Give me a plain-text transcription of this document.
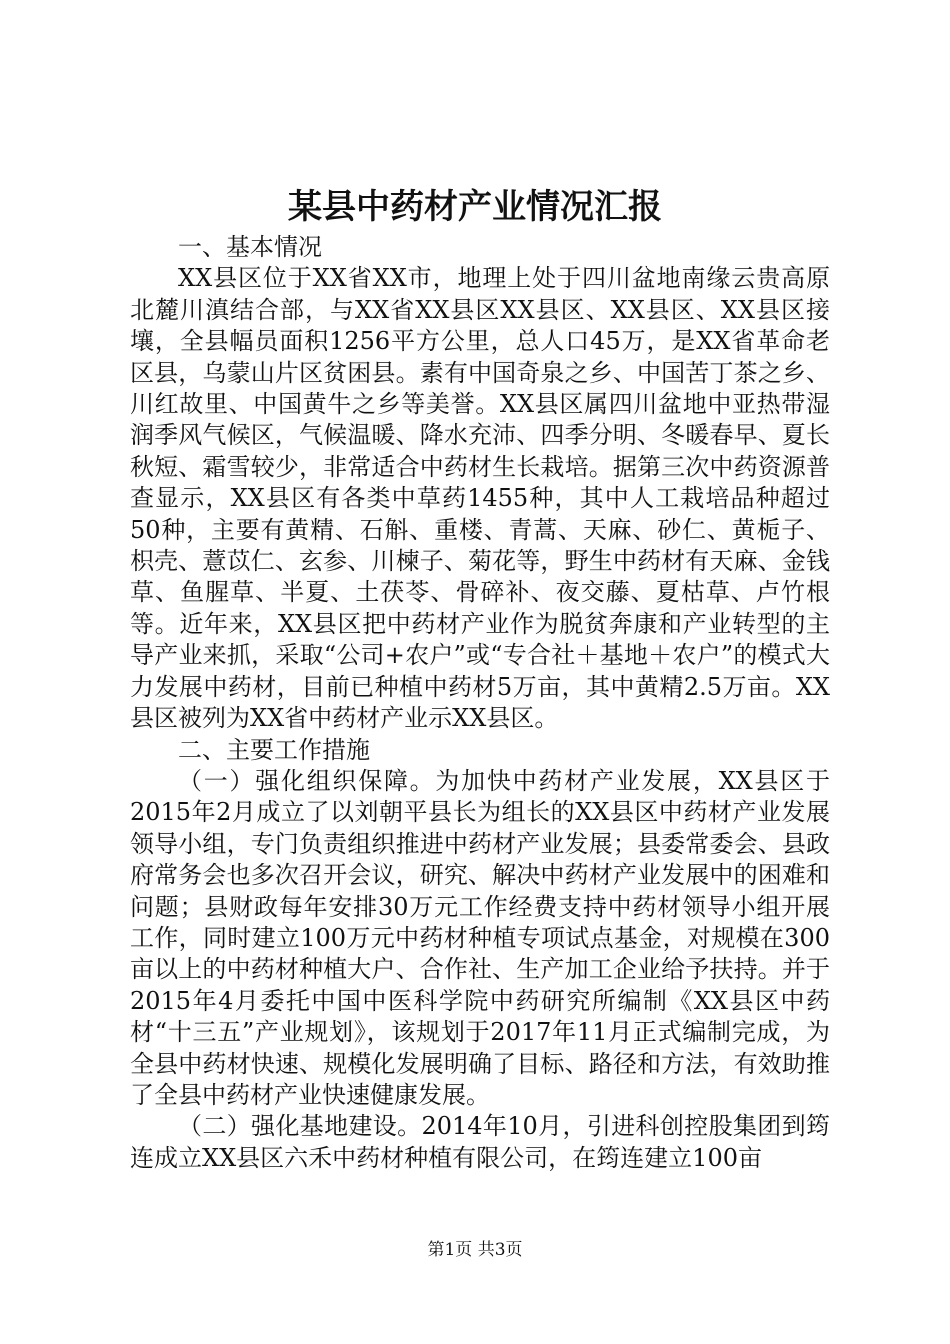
某县中药材产业情况汇报

一、基本情况

XX县区位于XX省XX市，地理上处于四川盆地南缘云贵高原北麓川滇结合部，与XX省XX县区XX县区、XX县区、XX县区接壤，全县幅员面积1256平方公里，总人口45万，是XX省革命老区县，乌蒙山片区贫困县。素有中国奇泉之乡、中国苦丁茶之乡、川红故里、中国黄牛之乡等美誉。XX县区属四川盆地中亚热带湿润季风气候区，气候温暖、降水充沛、四季分明、冬暖春早、夏长秋短、霜雪较少，非常适合中药材生长栽培。据第三次中药资源普查显示，XX县区有各类中草药1455种，其中人工栽培品种超过50种，主要有黄精、石斛、重楼、青蒿、天麻、砂仁、黄栀子、枳壳、薏苡仁、玄参、川楝子、菊花等，野生中药材有天麻、金钱草、鱼腥草、半夏、土茯苓、骨碎补、夜交藤、夏枯草、卢竹根等。近年来，XX县区把中药材产业作为脱贫奔康和产业转型的主导产业来抓，采取“公司+农户”或“专合社＋基地＋农户”的模式大力发展中药材，目前已种植中药材5万亩，其中黄精2.5万亩。XX县区被列为XX省中药材产业示XX县区。

二、主要工作措施

（一）强化组织保障。为加快中药材产业发展，XX县区于2015年2月成立了以刘朝平县长为组长的XX县区中药材产业发展领导小组，专门负责组织推进中药材产业发展；县委常委会、县政府常务会也多次召开会议，研究、解决中药材产业发展中的困难和问题；县财政每年安排30万元工作经费支持中药材领导小组开展工作，同时建立100万元中药材种植专项试点基金，对规模在300亩以上的中药材种植大户、合作社、生产加工企业给予扶持。并于2015年4月委托中国中医科学院中药研究所编制《XX县区中药材“十三五”产业规划》，该规划于2017年11月正式编制完成，为全县中药材快速、规模化发展明确了目标、路径和方法，有效助推了全县中药材产业快速健康发展。

（二）强化基地建设。2014年10月，引进科创控股集团到筠连成立XX县区六禾中药材种植有限公司，在筠连建立100亩

第1页 共3页
